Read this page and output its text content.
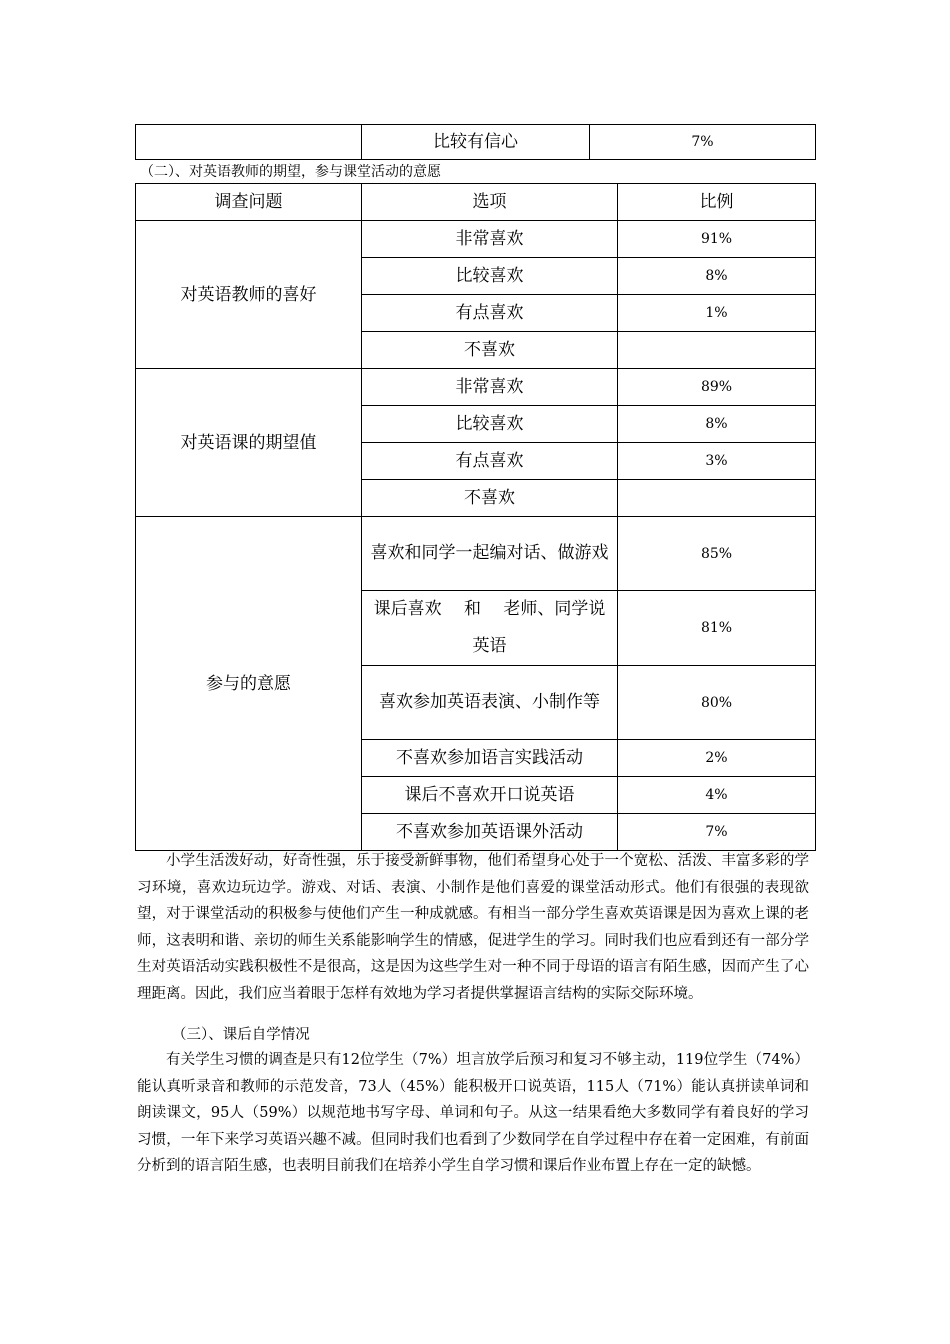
	比较有信心	7%
（二）、对英语教师的期望，参与课堂活动的意愿
调查问题	选项	比例
对英语教师的喜好	非常喜欢	91%
	比较喜欢	8%
	有点喜欢	1%
	不喜欢	
对英语课的期望值	非常喜欢	89%
	比较喜欢	8%
	有点喜欢	3%
	不喜欢	
参与的意愿	喜欢和同学一起编对话、做游戏	85%
	课后喜欢　 和　 老师、同学说英语	81%
	喜欢参加英语表演、小制作等	80%
	不喜欢参加语言实践活动	2%
	课后不喜欢开口说英语	4%
	不喜欢参加英语课外活动	7%

小学生活泼好动，好奇性强，乐于接受新鲜事物，他们希望身心处于一个宽松、活泼、丰富多彩的学习环境，喜欢边玩边学。游戏、对话、表演、小制作是他们喜爱的课堂活动形式。他们有很强的表现欲望，对于课堂活动的积极参与使他们产生一种成就感。有相当一部分学生喜欢英语课是因为喜欢上课的老师，这表明和谐、亲切的师生关系能影响学生的情感，促进学生的学习。同时我们也应看到还有一部分学生对英语活动实践积极性不是很高，这是因为这些学生对一种不同于母语的语言有陌生感，因而产生了心理距离。因此，我们应当着眼于怎样有效地为学习者提供掌握语言结构的实际交际环境。

（三）、课后自学情况

有关学生习惯的调查是只有12位学生（7%）坦言放学后预习和复习不够主动，119位学生（74%）能认真听录音和教师的示范发音，73人（45%）能积极开口说英语，115人（71%）能认真拼读单词和朗读课文，95人（59%）以规范地书写字母、单词和句子。从这一结果看绝大多数同学有着良好的学习习惯，一年下来学习英语兴趣不减。但同时我们也看到了少数同学在自学过程中存在着一定困难，有前面分析到的语言陌生感，也表明目前我们在培养小学生自学习惯和课后作业布置上存在一定的缺憾。
